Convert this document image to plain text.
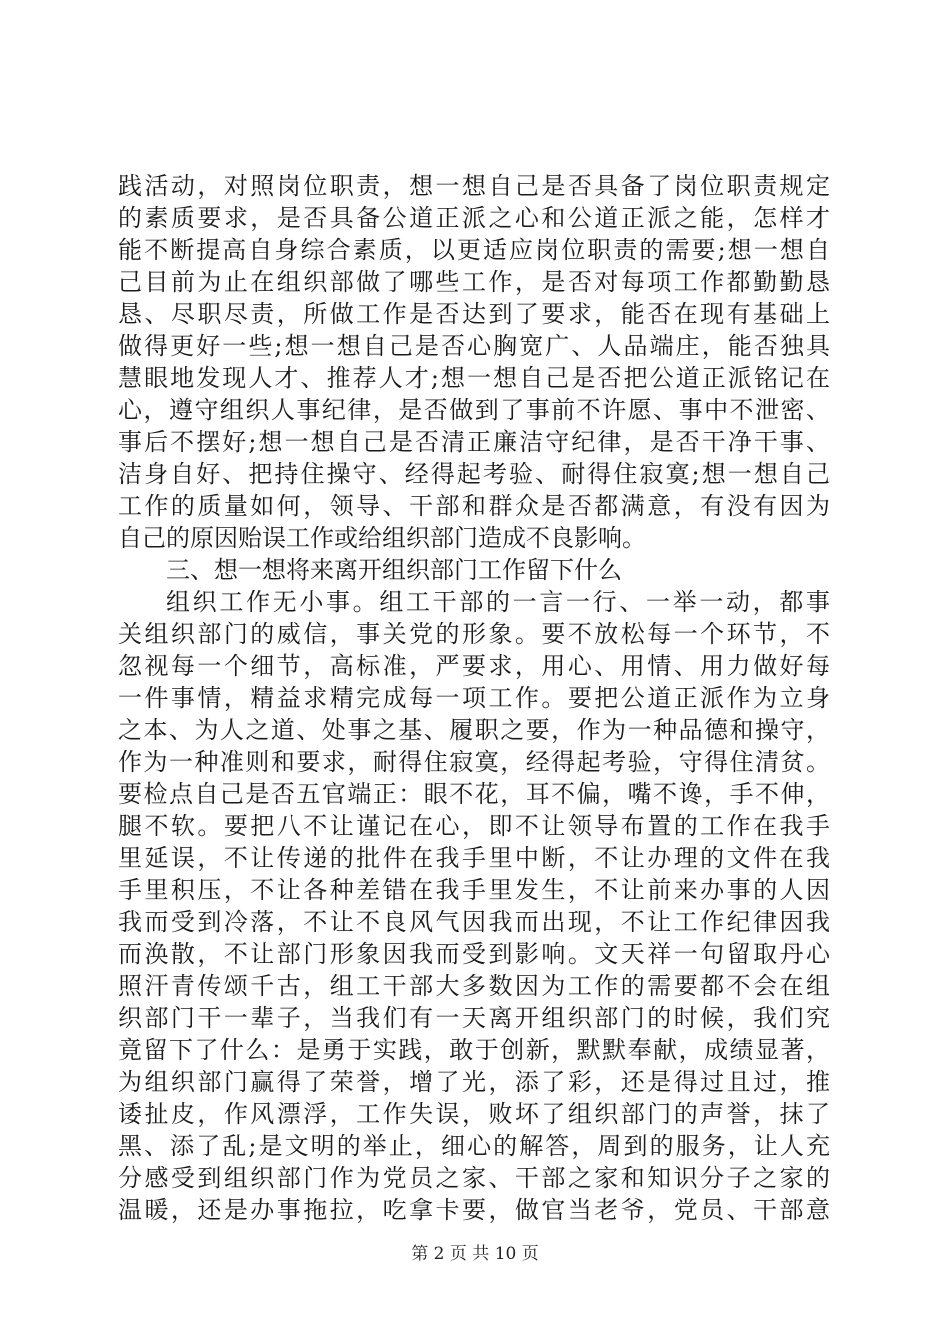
践活动，对照岗位职责，想一想自己是否具备了岗位职责规定
的素质要求，是否具备公道正派之心和公道正派之能，怎样才
能不断提高自身综合素质，以更适应岗位职责的需要;想一想自
己目前为止在组织部做了哪些工作，是否对每项工作都勤勤恳
恳、尽职尽责，所做工作是否达到了要求，能否在现有基础上
做得更好一些;想一想自己是否心胸宽广、人品端庄，能否独具
慧眼地发现人才、推荐人才;想一想自己是否把公道正派铭记在
心，遵守组织人事纪律，是否做到了事前不许愿、事中不泄密、
事后不摆好;想一想自己是否清正廉洁守纪律，是否干净干事、
洁身自好、把持住操守、经得起考验、耐得住寂寞;想一想自己
工作的质量如何，领导、干部和群众是否都满意，有没有因为
自己的原因贻误工作或给组织部门造成不良影响。
三、想一想将来离开组织部门工作留下什么
组织工作无小事。组工干部的一言一行、一举一动，都事
关组织部门的威信，事关党的形象。要不放松每一个环节，不
忽视每一个细节，高标准，严要求，用心、用情、用力做好每
一件事情，精益求精完成每一项工作。要把公道正派作为立身
之本、为人之道、处事之基、履职之要，作为一种品德和操守，
作为一种准则和要求，耐得住寂寞，经得起考验，守得住清贫。
要检点自己是否五官端正：眼不花，耳不偏，嘴不谗，手不伸，
腿不软。要把八不让谨记在心，即不让领导布置的工作在我手
里延误，不让传递的批件在我手里中断，不让办理的文件在我
手里积压，不让各种差错在我手里发生，不让前来办事的人因
我而受到冷落，不让不良风气因我而出现，不让工作纪律因我
而涣散，不让部门形象因我而受到影响。文天祥一句留取丹心
照汗青传颂千古，组工干部大多数因为工作的需要都不会在组
织部门干一辈子，当我们有一天离开组织部门的时候，我们究
竟留下了什么：是勇于实践，敢于创新，默默奉献，成绩显著，
为组织部门赢得了荣誉，增了光，添了彩，还是得过且过，推
诿扯皮，作风漂浮，工作失误，败坏了组织部门的声誉，抹了
黑、添了乱;是文明的举止，细心的解答，周到的服务，让人充
分感受到组织部门作为党员之家、干部之家和知识分子之家的
温暖，还是办事拖拉，吃拿卡要，做官当老爷，党员、干部意
第 2 页 共 10 页
